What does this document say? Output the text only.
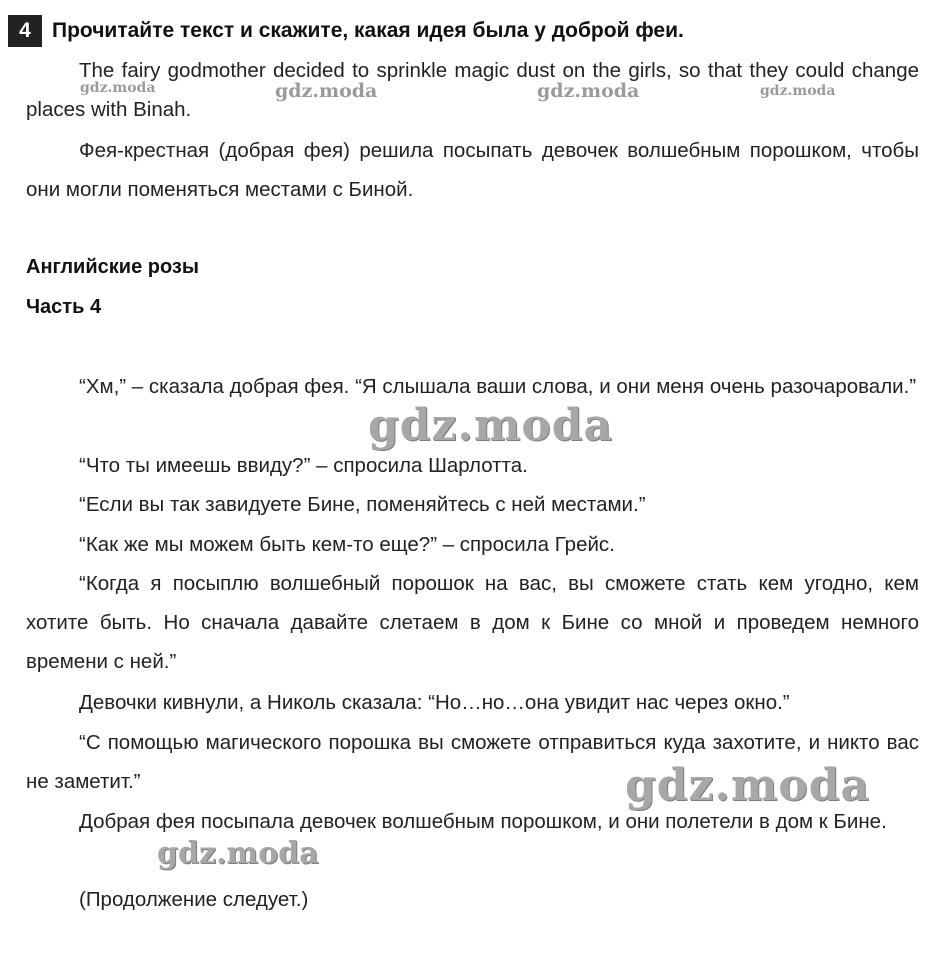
4	Прочитайте текст и скажите, какая идея была у доброй феи.

The fairy godmother decided to sprinkle magic dust on the girls, so that they could change places with Binah.

Фея-крестная (добрая фея) решила посыпать девочек волшебным порошком, чтобы они могли поменяться местами с Биной.

Английские розы

Часть 4

“Хм,” – сказала добрая фея. “Я слышала ваши слова, и они меня очень разочаровали.”

“Что ты имеешь ввиду?” – спросила Шарлотта.

“Если вы так завидуете Бине, поменяйтесь с ней местами.”

“Как же мы можем быть кем-то еще?” – спросила Грейс.

“Когда я посыплю волшебный порошок на вас, вы сможете стать кем угодно, кем хотите быть. Но сначала давайте слетаем в дом к Бине со мной и проведем немного времени с ней.”

Девочки кивнули, а Николь сказала: “Но…но…она увидит нас через окно.”

“С помощью магического порошка вы сможете отправиться куда захотите, и никто вас не заметит.”

Добрая фея посыпала девочек волшебным порошком, и они полетели в дом к Бине.

(Продолжение следует.)

gdz.moda	gdz.moda	gdz.moda	gdz.moda
gdz.moda
gdz.moda
gdz.moda
